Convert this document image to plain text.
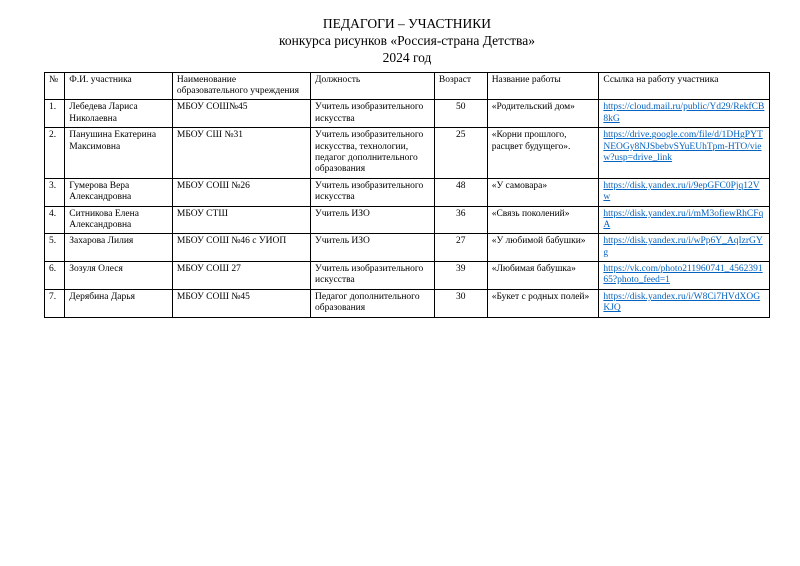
ПЕДАГОГИ – УЧАСТНИКИ
конкурса рисунков «Россия-страна Детства»
2024 год
№	Ф.И. участника	Наименование образовательного учреждения	Должность	Возраст	Название работы	Ссылка на работу участника
1.	Лебедева Лариса Николаевна	МБОУ СОШ№45	Учитель изобразительного искусства	50	«Родительский дом»	https://cloud.mail.ru/public/Yd29/RekfCB8kG
2.	Панушина Екатерина Максимовна	МБОУ СШ №31	Учитель изобразительного искусства, технологии, педагог дополнительного образования	25	«Корни прошлого, расцвет будущего».	https://drive.google.com/file/d/1DHgPYTNEOGy8NJSbebvSYuEUhTpm-HTO/view?usp=drive_link
3.	Гумерова Вера Александровна	МБОУ СОШ №26	Учитель изобразительного искусства	48	«У самовара»	https://disk.yandex.ru/i/9epGFC0Pjq12Vw
4.	Ситникова Елена Александровна	МБОУ СТШ	Учитель ИЗО	36	«Связь поколений»	https://disk.yandex.ru/i/mM3ofiewRhCFqA
5.	Захарова Лилия	МБОУ СОШ №46 с УИОП	Учитель ИЗО	27	«У любимой бабушки»	https://disk.yandex.ru/i/wPp6Y_AqIzrGYg
6.	Зозуля Олеся	МБОУ СОШ 27	Учитель изобразительного искусства	39	«Любимая бабушка»	https://vk.com/photo211960741_456239165?photo_feed=1
7.	Дерябина Дарья	МБОУ СОШ №45	Педагог дополнительного образования	30	«Букет с родных полей»	https://disk.yandex.ru/i/W8Ci7HVdXOGKJQ
